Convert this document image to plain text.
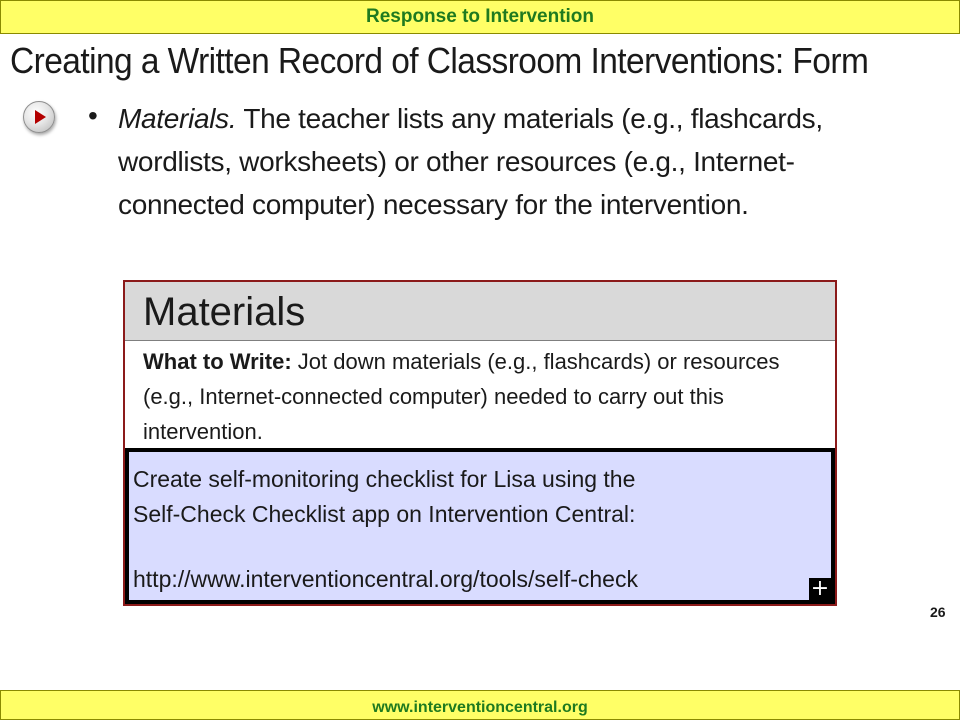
Response to Intervention
Creating a Written Record of Classroom Interventions: Form
• Materials. The teacher lists any materials (e.g., flashcards, wordlists, worksheets) or other resources (e.g., Internet-connected computer) necessary for the intervention.
Materials
What to Write: Jot down materials (e.g., flashcards) or resources (e.g., Internet-connected computer) needed to carry out this intervention.
Create self-monitoring checklist for Lisa using the
Self-Check Checklist app on Intervention Central:
http://www.interventioncentral.org/tools/self-check	+
26
www.interventioncentral.org
